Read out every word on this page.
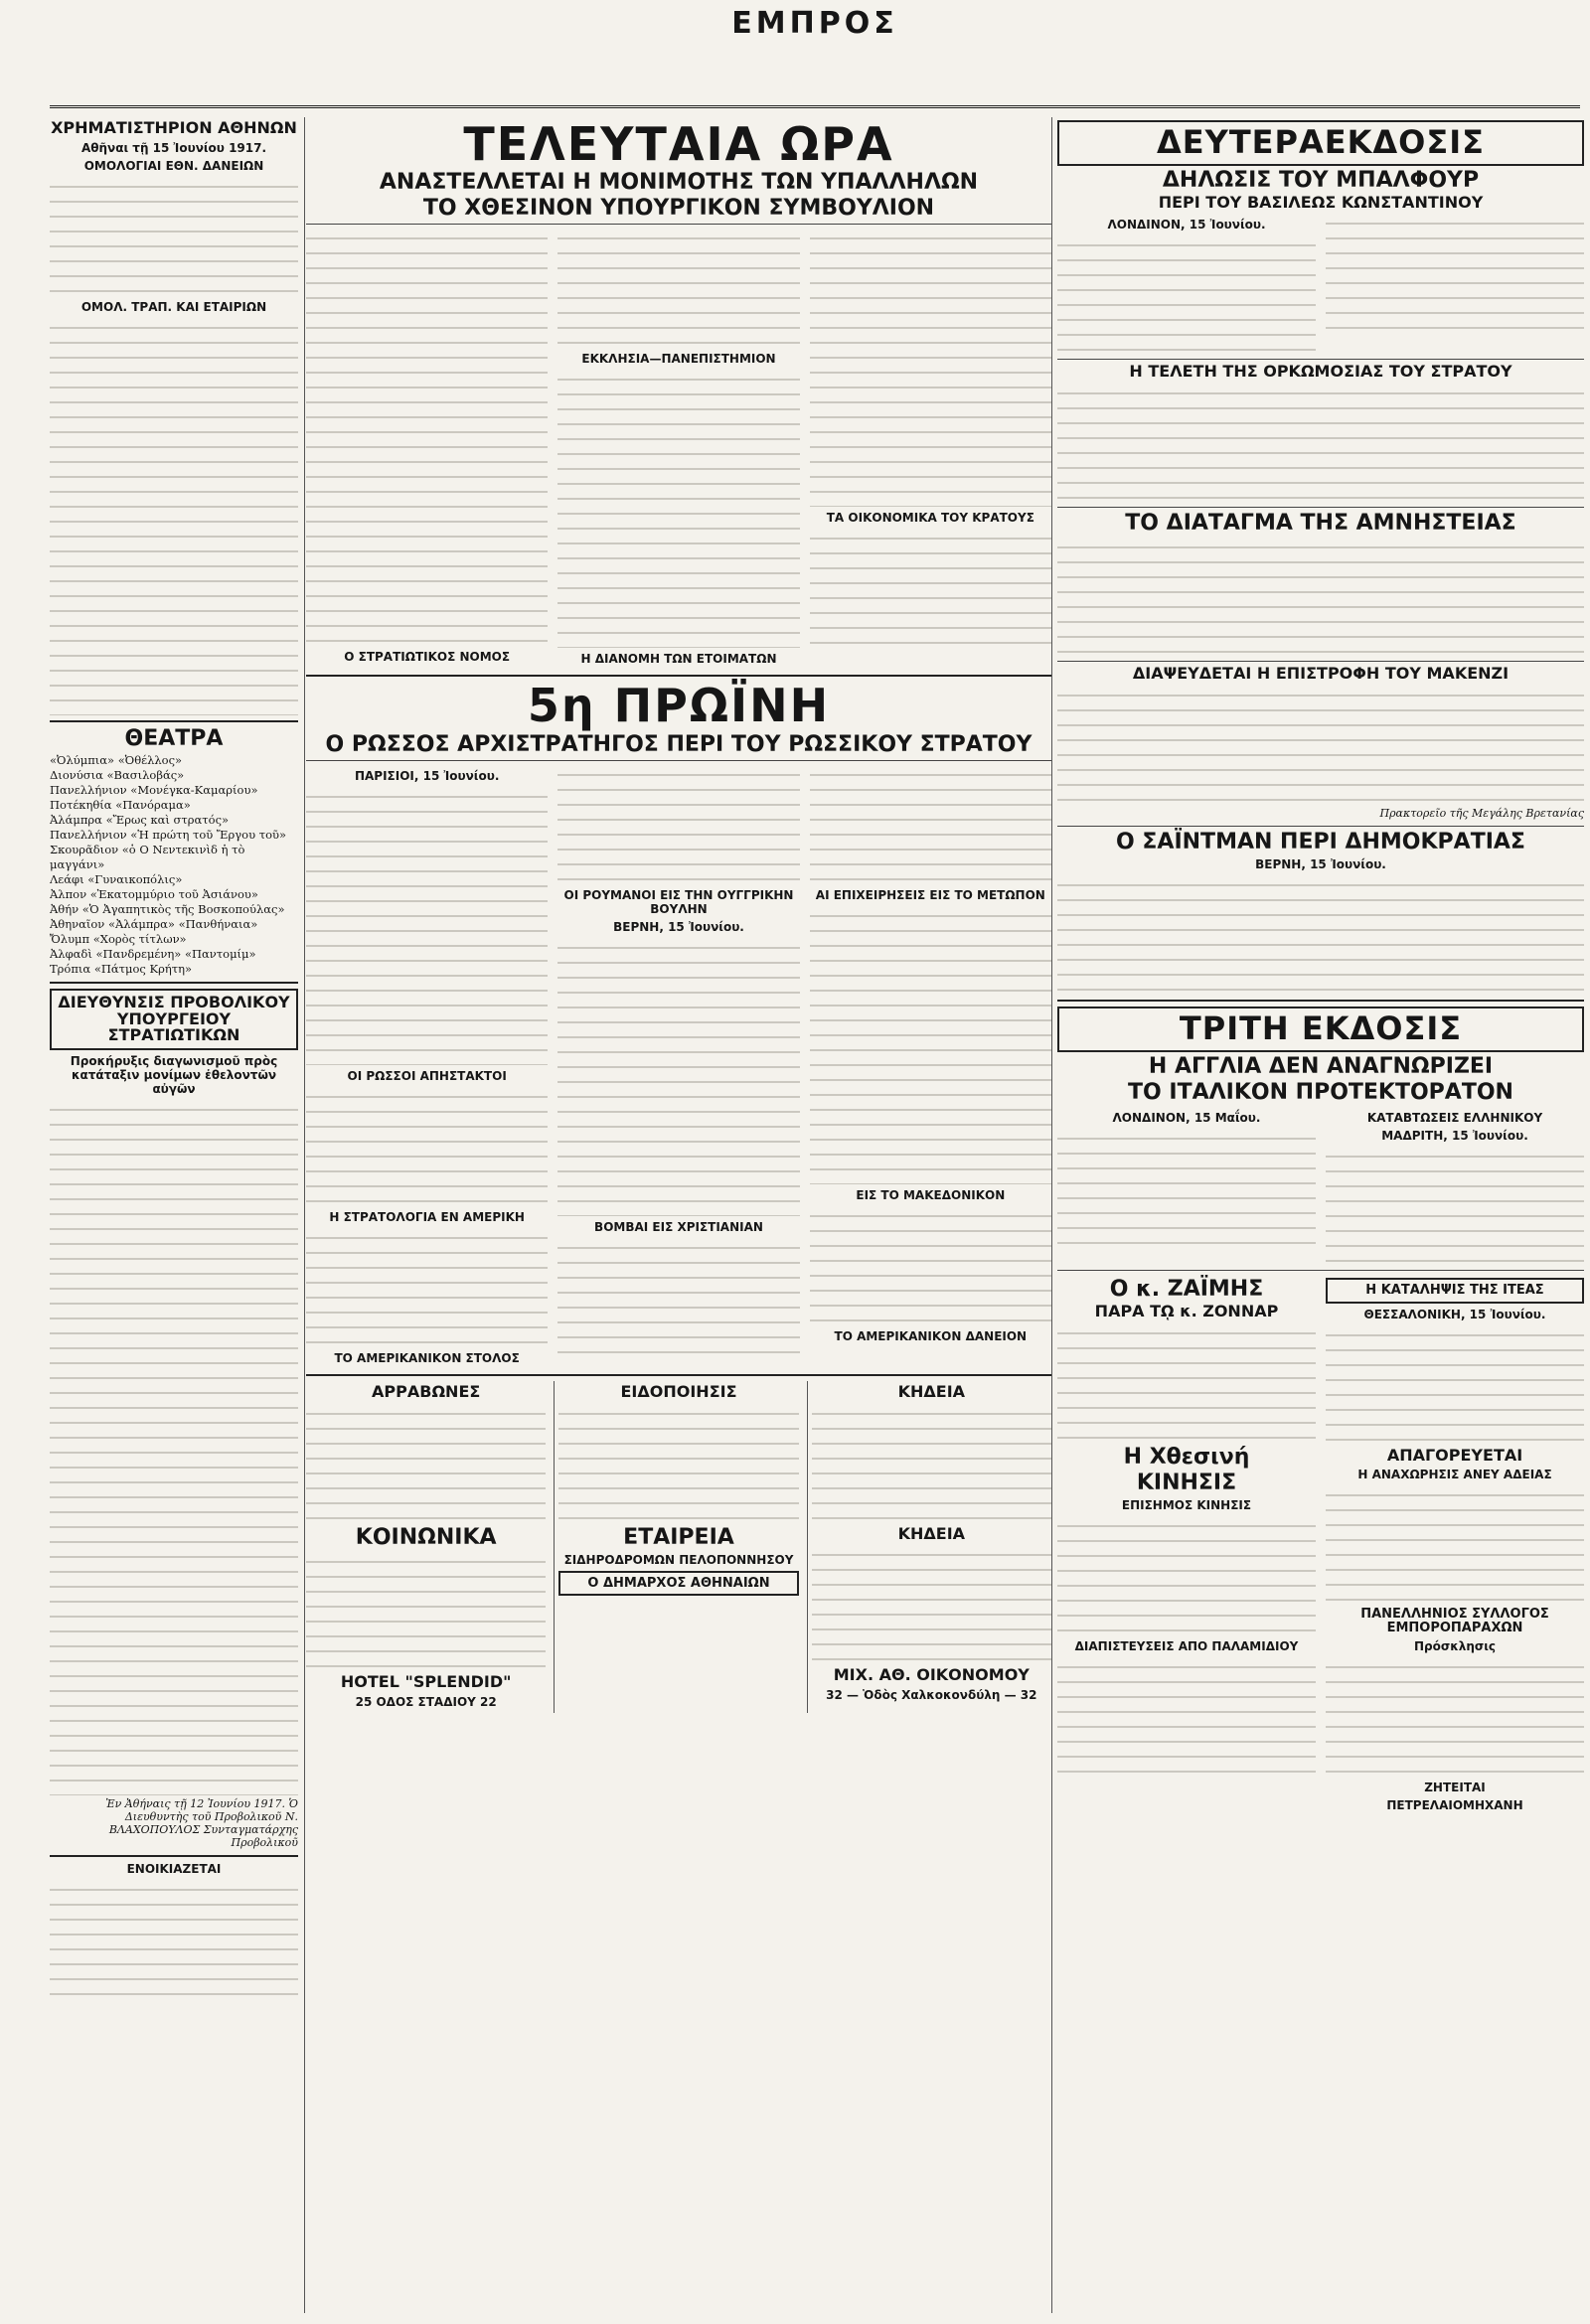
ΕΜΠΡΟΣ
ΧΡΗΜΑΤΙΣΤΗΡΙΟΝ ΑΘΗΝΩΝ
Αθῆναι τῇ 15 Ἰουνίου 1917.
ΟΜΟΛΟΓΙΑΙ ΕΘΝ. ΔΑΝΕΙΩΝ
ΟΜΟΛ. ΤΡΑΠ. ΚΑΙ ΕΤΑΙΡΙΩΝ
ΘΕΑΤΡΑ
«Ὀλύμπια» «Ὀθέλλος»
Διονύσια «Βασιλοβάς»
Πανελλήνιον «Μονέγκα-Καμαρίου»
Ποτέκηθία «Πανόραμα»
Ἀλάμπρα «Ἔρως καὶ στρατός»
Πανελλήνιον «Ἡ πρώτη τοῦ Ἔργου τοῦ»
Σκουρᾶδιον «ὁ Ο Νεντεκινὶδ ἡ τὸ μαγγάνι»
Λεάφι «Γυναικοπόλις»
Ἀλπον «Ἐκατομμύριο τοῦ Ἀσιάνου»
Ἀθήν «Ὁ Ἀγαπητικὸς τῆς Βοσκοπούλας»
Ἀθηναῖον «Ἀλάμπρα» «Πανθήναια»
Ὄλυμπ «Χορὸς τίτλων»
Ἀλφαδὶ «Πανδρεμένη» «Παντομίμ»
Τρόπια «Πάτμος Κρήτη»
ΔΙΕΥΘΥΝΣΙΣ ΠΡΟΒΟΛΙΚΟΥ ΥΠΟΥΡΓΕΙΟΥ ΣΤΡΑΤΙΩΤΙΚΩΝ
Προκήρυξις διαγωνισμοῦ πρὸς κατάταξιν μονίμων ἐθελοντῶν αὐγῶν
Ἐν Ἀθήναις τῇ 12 Ἰουνίου 1917. Ὁ Διευθυντὴς τοῦ Προβολικοῦ Ν. ΒΛΑΧΟΠΟΥΛΟΣ Συνταγματάρχης Προβολικοῦ
ΕΝΟΙΚΙΑΖΕΤΑΙ
ΤΕΛΕΥΤΑΙΑ ΩΡΑ
ΑΝΑΣΤΕΛΛΕΤΑΙ Η ΜΟΝΙΜΟΤΗΣ ΤΩΝ ΥΠΑΛΛΗΛΩΝ
ΤΟ ΧΘΕΣΙΝΟΝ ΥΠΟΥΡΓΙΚΟΝ ΣΥΜΒΟΥΛΙΟΝ
Ο ΣΤΡΑΤΙΩΤΙΚΟΣ ΝΟΜΟΣ
ΕΚΚΛΗΣΙΑ—ΠΑΝΕΠΙΣΤΗΜΙΟΝ
Η ΔΙΑΝΟΜΗ ΤΩΝ ΕΤΟΙΜΑΤΩΝ
ΤΑ ΟΙΚΟΝΟΜΙΚΑ ΤΟΥ ΚΡΑΤΟΥΣ
5η ΠΡΩΪΝΗ
Ο ΡΩΣΣΟΣ ΑΡΧΙΣΤΡΑΤΗΓΟΣ ΠΕΡΙ ΤΟΥ ΡΩΣΣΙΚΟΥ ΣΤΡΑΤΟΥ
ΠΑΡΙΣΙΟΙ, 15 Ἰουνίου.
ΟΙ ΡΩΣΣΟΙ ΑΠΗΣΤΑΚΤΟΙ
Η ΣΤΡΑΤΟΛΟΓΙΑ ΕΝ ΑΜΕΡΙΚΗ
ΤΟ ΑΜΕΡΙΚΑΝΙΚΟΝ ΣΤΟΛΟΣ
ΟΙ ΡΟΥΜΑΝΟΙ ΕΙΣ ΤΗΝ ΟΥΓΓΡΙΚΗΝ ΒΟΥΛΗΝ
ΒΕΡΝΗ, 15 Ἰουνίου.
ΒΟΜΒΑΙ ΕΙΣ ΧΡΙΣΤΙΑΝΙΑΝ
ΑΙ ΕΠΙΧΕΙΡΗΣΕΙΣ ΕΙΣ ΤΟ ΜΕΤΩΠΟΝ
ΕΙΣ ΤΟ ΜΑΚΕΔΟΝΙΚΟΝ
ΤΟ ΑΜΕΡΙΚΑΝΙΚΟΝ ΔΑΝΕΙΟΝ
ΑΡΡΑΒΩΝΕΣ
ΚΟΙΝΩΝΙΚΑ
HOTEL "SPLENDID"
25 ΟΔΟΣ ΣΤΑΔΙΟΥ 22
ΕΙΔΟΠΟΙΗΣΙΣ
ΕΤΑΙΡΕΙΑ
ΣΙΔΗΡΟΔΡΟΜΩΝ ΠΕΛΟΠΟΝΝΗΣΟΥ
Ο ΔΗΜΑΡΧΟΣ ΑΘΗΝΑΙΩΝ
ΚΗΔΕΙΑ
ΚΗΔΕΙΑ
ΜΙΧ. ΑΘ. ΟΙΚΟΝΟΜΟΥ
32 — Ὁδὸς Χαλκοκονδύλη — 32
ΔΕΥΤΕΡΑΕΚΔΟΣΙΣ
ΔΗΛΩΣΙΣ ΤΟΥ ΜΠΑΛΦΟΥΡ
ΠΕΡΙ ΤΟΥ ΒΑΣΙΛΕΩΣ ΚΩΝΣΤΑΝΤΙΝΟΥ
ΛΟΝΔΙΝΟΝ, 15 Ἰουνίου.
Η ΤΕΛΕΤΗ ΤΗΣ ΟΡΚΩΜΟΣΙΑΣ ΤΟΥ ΣΤΡΑΤΟΥ
ΤΟ ΔΙΑΤΑΓΜΑ ΤΗΣ ΑΜΝΗΣΤΕΙΑΣ
ΔΙΑΨΕΥΔΕΤΑΙ Η ΕΠΙΣΤΡΟΦΗ ΤΟΥ ΜΑΚΕΝΖΙ
Πρακτορεῖο τῆς Μεγάλης Βρετανίας
Ο ΣΑΪΝΤΜΑΝ ΠΕΡΙ ΔΗΜΟΚΡΑΤΙΑΣ
ΒΕΡΝΗ, 15 Ἰουνίου.
ΤΡΙΤΗ ΕΚΔΟΣΙΣ
Η ΑΓΓΛΙΑ ΔΕΝ ΑΝΑΓΝΩΡΙΖΕΙ
ΤΟ ΙΤΑΛΙΚΟΝ ΠΡΟΤΕΚΤΟΡΑΤΟΝ
ΛΟΝΔΙΝΟΝ, 15 Μαΐου.	ΚΑΤΑΒΤΩΣΕΙΣ ΕΛΛΗΝΙΚΟΥ
ΜΑΔΡΙΤΗ, 15 Ἰουνίου.
Ο κ. ΖΑΪΜΗΣ
ΠΑΡΑ Τῼ κ. ΖΟΝΝΑΡ
Η Χθεσινή
ΚΙΝΗΣΙΣ
ΕΠΙΣΗΜΟΣ ΚΙΝΗΣΙΣ
ΔΙΑΠΙΣΤΕΥΣΕΙΣ ΑΠΟ ΠΑΛΑΜΙΔΙΟΥ
Η ΚΑΤΑΛΗΨΙΣ ΤΗΣ ΙΤΕΑΣ
ΘΕΣΣΑΛΟΝΙΚΗ, 15 Ἰουνίου.
ΑΠΑΓΟΡΕΥΕΤΑΙ
Η ΑΝΑΧΩΡΗΣΙΣ ΑΝΕΥ ΑΔΕΙΑΣ
ΠΑΝΕΛΛΗΝΙΟΣ ΣΥΛΛΟΓΟΣ ΕΜΠΟΡΟΠΑΡΑΧΩΝ
Πρόσκλησις
ΖΗΤΕΙΤΑΙ
ΠΕΤΡΕΛΑΙΟΜΗΧΑΝΗ
